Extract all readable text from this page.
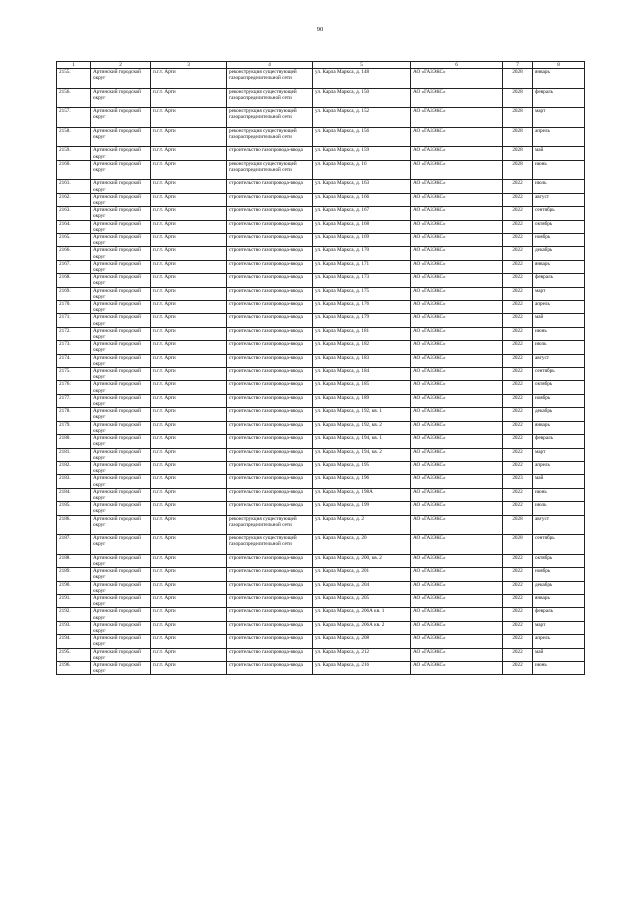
90
1	2	3	4	5	6	7	8
2155.	Артинский городской округ	п.г.т. Арти	реконструкция существующей газораспределительной сети	ул. Карла Маркса, д. 148	АО «ГАЗЭКС»	2028	январь
2156.	Артинский городской округ	п.г.т. Арти	реконструкция существующей газораспределительной сети	ул. Карла Маркса, д. 150	АО «ГАЗЭКС»	2028	февраль
2157.	Артинский городской округ	п.г.т. Арти	реконструкция существующей газораспределительной сети	ул. Карла Маркса, д. 152	АО «ГАЗЭКС»	2028	март
2158.	Артинский городской округ	п.г.т. Арти	реконструкция существующей газораспределительной сети	ул. Карла Маркса, д. 156	АО «ГАЗЭКС»	2028	апрель
2159.	Артинский городской округ	п.г.т. Арти	строительство газопровода-ввода	ул. Карла Маркса, д. 159	АО «ГАЗЭКС»	2028	май
2160.	Артинский городской округ	п.г.т. Арти	реконструкция существующей газораспределительной сети	ул. Карла Маркса, д. 16	АО «ГАЗЭКС»	2028	июнь
2161.	Артинский городской округ	п.г.т. Арти	строительство газопровода-ввода	ул. Карла Маркса, д. 163	АО «ГАЗЭКС»	2022	июль
2162.	Артинский городской округ	п.г.т. Арти	строительство газопровода-ввода	ул. Карла Маркса, д. 166	АО «ГАЗЭКС»	2022	август
2163.	Артинский городской округ	п.г.т. Арти	строительство газопровода-ввода	ул. Карла Маркса, д. 167	АО «ГАЗЭКС»	2022	сентябрь
2164.	Артинский городской округ	п.г.т. Арти	строительство газопровода-ввода	ул. Карла Маркса, д. 168	АО «ГАЗЭКС»	2022	октябрь
2165.	Артинский городской округ	п.г.т. Арти	строительство газопровода-ввода	ул. Карла Маркса, д. 169	АО «ГАЗЭКС»	2022	ноябрь
2166.	Артинский городской округ	п.г.т. Арти	строительство газопровода-ввода	ул. Карла Маркса, д. 170	АО «ГАЗЭКС»	2022	декабрь
2167.	Артинский городской округ	п.г.т. Арти	строительство газопровода-ввода	ул. Карла Маркса, д. 171	АО «ГАЗЭКС»	2022	январь
2168.	Артинский городской округ	п.г.т. Арти	строительство газопровода-ввода	ул. Карла Маркса, д. 173	АО «ГАЗЭКС»	2022	февраль
2169.	Артинский городской округ	п.г.т. Арти	строительство газопровода-ввода	ул. Карла Маркса, д. 175	АО «ГАЗЭКС»	2022	март
2170.	Артинский городской округ	п.г.т. Арти	строительство газопровода-ввода	ул. Карла Маркса, д. 176	АО «ГАЗЭКС»	2022	апрель
2171.	Артинский городской округ	п.г.т. Арти	строительство газопровода-ввода	ул. Карла Маркса, д. 179	АО «ГАЗЭКС»	2022	май
2172.	Артинский городской округ	п.г.т. Арти	строительство газопровода-ввода	ул. Карла Маркса, д. 181	АО «ГАЗЭКС»	2022	июнь
2173.	Артинский городской округ	п.г.т. Арти	строительство газопровода-ввода	ул. Карла Маркса, д. 182	АО «ГАЗЭКС»	2022	июль
2174.	Артинский городской округ	п.г.т. Арти	строительство газопровода-ввода	ул. Карла Маркса, д. 183	АО «ГАЗЭКС»	2022	август
2175.	Артинский городской округ	п.г.т. Арти	строительство газопровода-ввода	ул. Карла Маркса, д. 184	АО «ГАЗЭКС»	2022	сентябрь
2176.	Артинский городской округ	п.г.т. Арти	строительство газопровода-ввода	ул. Карла Маркса, д. 185	АО «ГАЗЭКС»	2022	октябрь
2177.	Артинский городской округ	п.г.т. Арти	строительство газопровода-ввода	ул. Карла Маркса, д. 189	АО «ГАЗЭКС»	2022	ноябрь
2178.	Артинский городской округ	п.г.т. Арти	строительство газопровода-ввода	ул. Карла Маркса, д. 192, кв. 1	АО «ГАЗЭКС»	2022	декабрь
2179.	Артинский городской округ	п.г.т. Арти	строительство газопровода-ввода	ул. Карла Маркса, д. 192, кв. 2	АО «ГАЗЭКС»	2022	январь
2180.	Артинский городской округ	п.г.т. Арти	строительство газопровода-ввода	ул. Карла Маркса, д. 194, кв. 1	АО «ГАЗЭКС»	2022	февраль
2181.	Артинский городской округ	п.г.т. Арти	строительство газопровода-ввода	ул. Карла Маркса, д. 194, кв. 2	АО «ГАЗЭКС»	2022	март
2182.	Артинский городской округ	п.г.т. Арти	строительство газопровода-ввода	ул. Карла Маркса, д. 195	АО «ГАЗЭКС»	2022	апрель
2183.	Артинский городской округ	п.г.т. Арти	строительство газопровода-ввода	ул. Карла Маркса, д. 196	АО «ГАЗЭКС»	2023	май
2184.	Артинский городской округ	п.г.т. Арти	строительство газопровода-ввода	ул. Карла Маркса, д. 198А	АО «ГАЗЭКС»	2022	июнь
2185.	Артинский городской округ	п.г.т. Арти	строительство газопровода-ввода	ул. Карла Маркса, д. 199	АО «ГАЗЭКС»	2022	июль
2186.	Артинский городской округ	п.г.т. Арти	реконструкция существующей газораспределительной сети	ул. Карла Маркса, д. 2	АО «ГАЗЭКС»	2028	август
2187.	Артинский городской округ	п.г.т. Арти	реконструкция существующей газораспределительной сети	ул. Карла Маркса, д. 20	АО «ГАЗЭКС»	2028	сентябрь
2188.	Артинский городской округ	п.г.т. Арти	строительство газопровода-ввода	ул. Карла Маркса, д. 200, кв. 2	АО «ГАЗЭКС»	2022	октябрь
2189.	Артинский городской округ	п.г.т. Арти	строительство газопровода-ввода	ул. Карла Маркса, д. 201	АО «ГАЗЭКС»	2022	ноябрь
2190.	Артинский городской округ	п.г.т. Арти	строительство газопровода-ввода	ул. Карла Маркса, д. 204	АО «ГАЗЭКС»	2022	декабрь
2191.	Артинский городской округ	п.г.т. Арти	строительство газопровода-ввода	ул. Карла Маркса, д. 205	АО «ГАЗЭКС»	2022	январь
2192.	Артинский городской округ	п.г.т. Арти	строительство газопровода-ввода	ул. Карла Маркса, д. 206А кв. 1	АО «ГАЗЭКС»	2022	февраль
2193.	Артинский городской округ	п.г.т. Арти	строительство газопровода-ввода	ул. Карла Маркса, д. 206А кв. 2	АО «ГАЗЭКС»	2022	март
2194.	Артинский городской округ	п.г.т. Арти	строительство газопровода-ввода	ул. Карла Маркса, д. 208	АО «ГАЗЭКС»	2022	апрель
2195.	Артинский городской округ	п.г.т. Арти	строительство газопровода-ввода	ул. Карла Маркса, д. 212	АО «ГАЗЭКС»	2022	май
2196.	Артинский городской округ	п.г.т. Арти	строительство газопровода-ввода	ул. Карла Маркса, д. 216	АО «ГАЗЭКС»	2022	июнь
